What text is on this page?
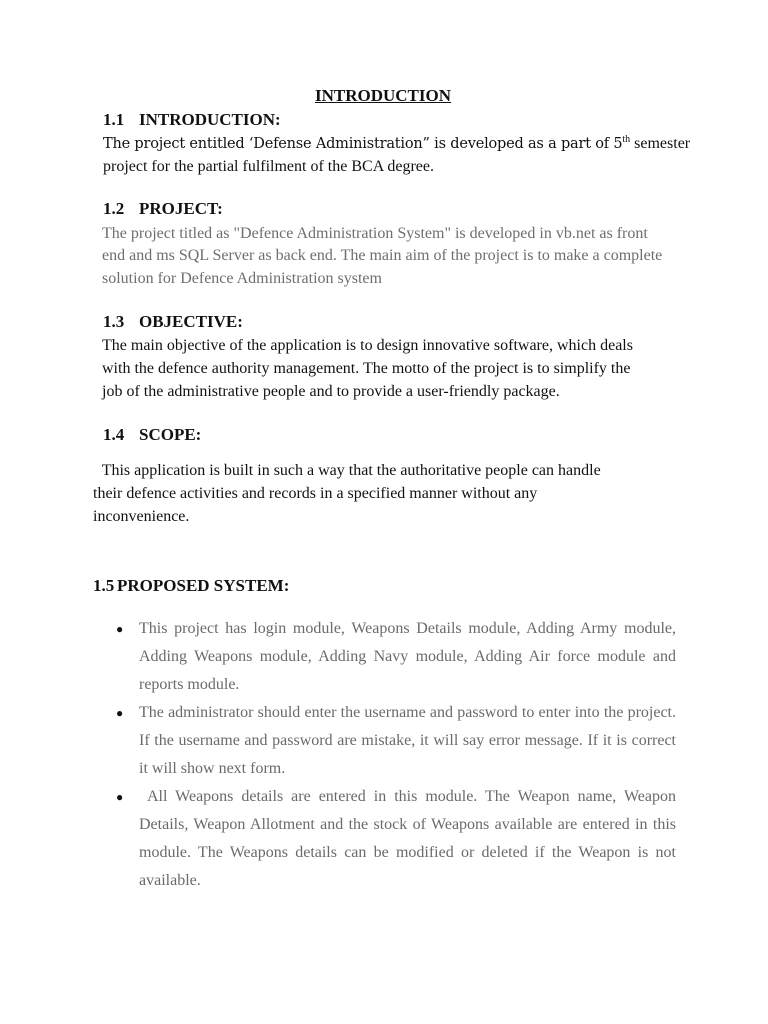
INTRODUCTION
1.1 INTRODUCTION:
The project entitled ‘Defense Administration” is developed as a part of 5th semester
project for the partial fulfilment of the BCA degree.
1.2 PROJECT:
The project titled as "Defence Administration System" is developed in vb.net as front
end and ms SQL Server as back end. The main aim of the project is to make a complete
solution for Defence Administration system
1.3 OBJECTIVE:
The main objective of the application is to design innovative software, which deals
with the defence authority management. The motto of the project is to simplify the
job of the administrative people and to provide a user-friendly package.
1.4 SCOPE:
This application is built in such a way that the authoritative people can handle
their defence activities and records in a specified manner without any
inconvenience.
1.5 PROPOSED SYSTEM:
● This project has login module, Weapons Details module, Adding Army module, Adding Weapons module, Adding Navy module, Adding Air force module and reports module.
● The administrator should enter the username and password to enter into the project. If the username and password are mistake, it will say error message. If it is correct it will show next form.
● All Weapons details are entered in this module. The Weapon name, Weapon Details, Weapon Allotment and the stock of Weapons available are entered in this module. The Weapons details can be modified or deleted if the Weapon is not available.
